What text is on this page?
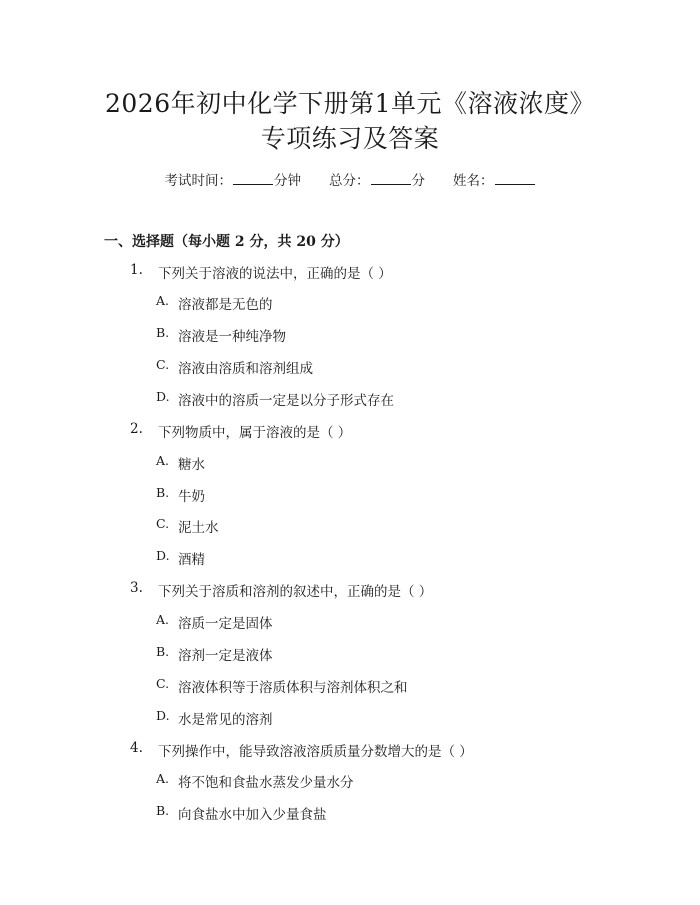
2026年初中化学下册第1单元《溶液浓度》
专项练习及答案
考试时间：	分钟 总分：	分 姓名：
一、选择题（每小题 2 分，共 20 分）
1.	下列关于溶液的说法中，正确的是（ ）
A. 溶液都是无色的
B. 溶液是一种纯净物
C. 溶液由溶质和溶剂组成
D. 溶液中的溶质一定是以分子形式存在
2.	下列物质中，属于溶液的是（ ）
A. 糖水
B. 牛奶
C. 泥土水
D. 酒精
3.	下列关于溶质和溶剂的叙述中，正确的是（ ）
A. 溶质一定是固体
B. 溶剂一定是液体
C. 溶液体积等于溶质体积与溶剂体积之和
D. 水是常见的溶剂
4.	下列操作中，能导致溶液溶质质量分数增大的是（ ）
A. 将不饱和食盐水蒸发少量水分
B. 向食盐水中加入少量食盐
